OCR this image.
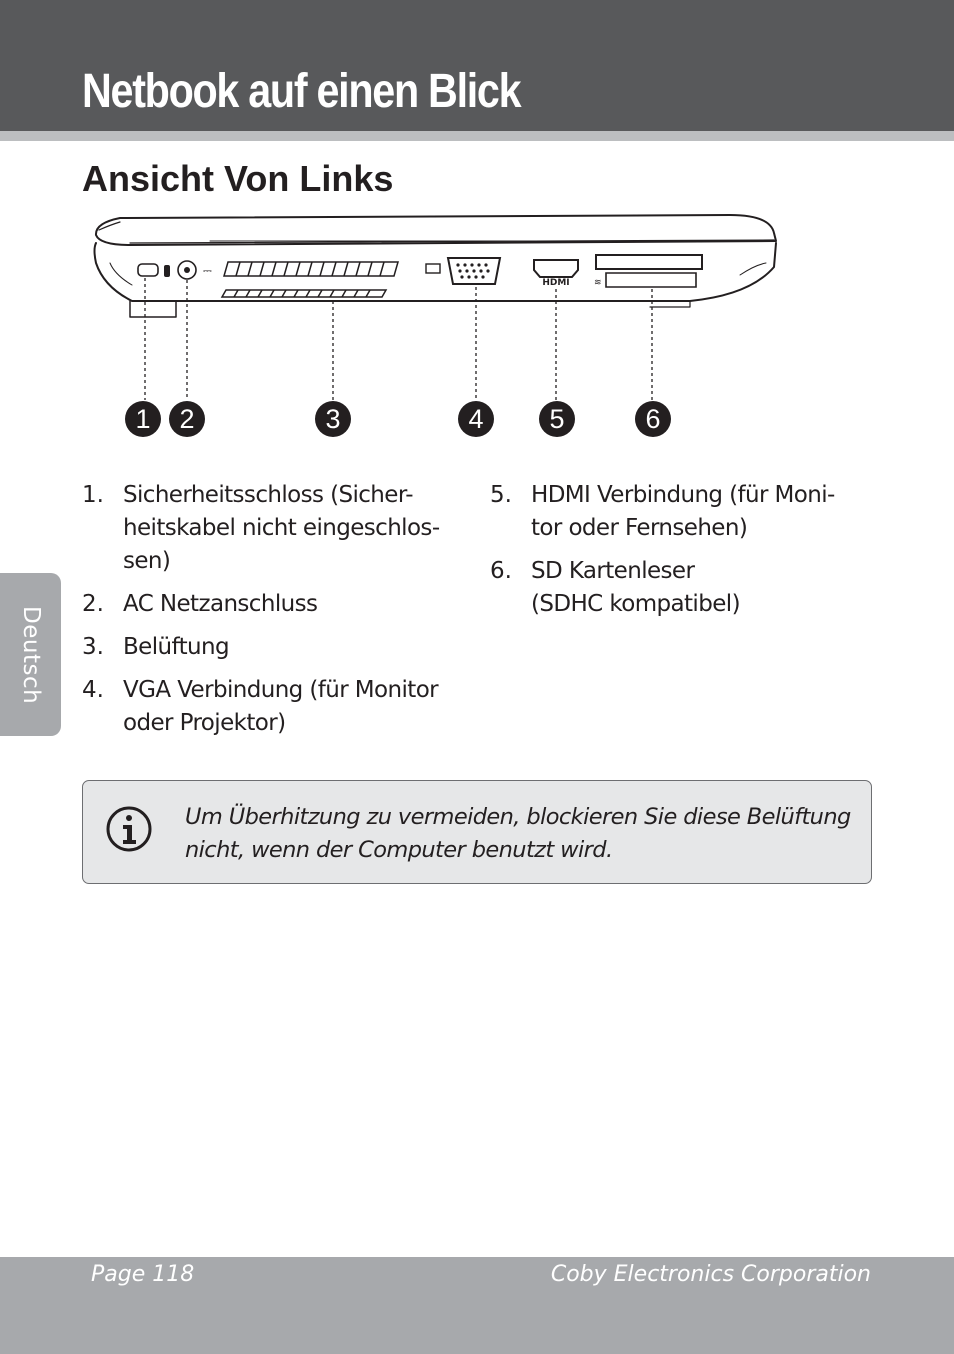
Netbook auf einen Blick
Ansicht Von Links
⎓
HDMI	≋
1 2	3	4 5	6
1. Sicherheitsschloss (Sicher-
heitskabel nicht eingeschlos-
sen)
2. AC Netzanschluss
3. Belüftung
4. VGA Verbindung (für Monitor
oder Projektor)
5. HDMI Verbindung (für Moni-
tor oder Fernsehen)
6. SD Kartenleser
(SDHC kompatibel)
Deutsch
Um Überhitzung zu vermeiden, blockieren Sie diese Belüftung
nicht, wenn der Computer benutzt wird.
Page 118	Coby Electronics Corporation
